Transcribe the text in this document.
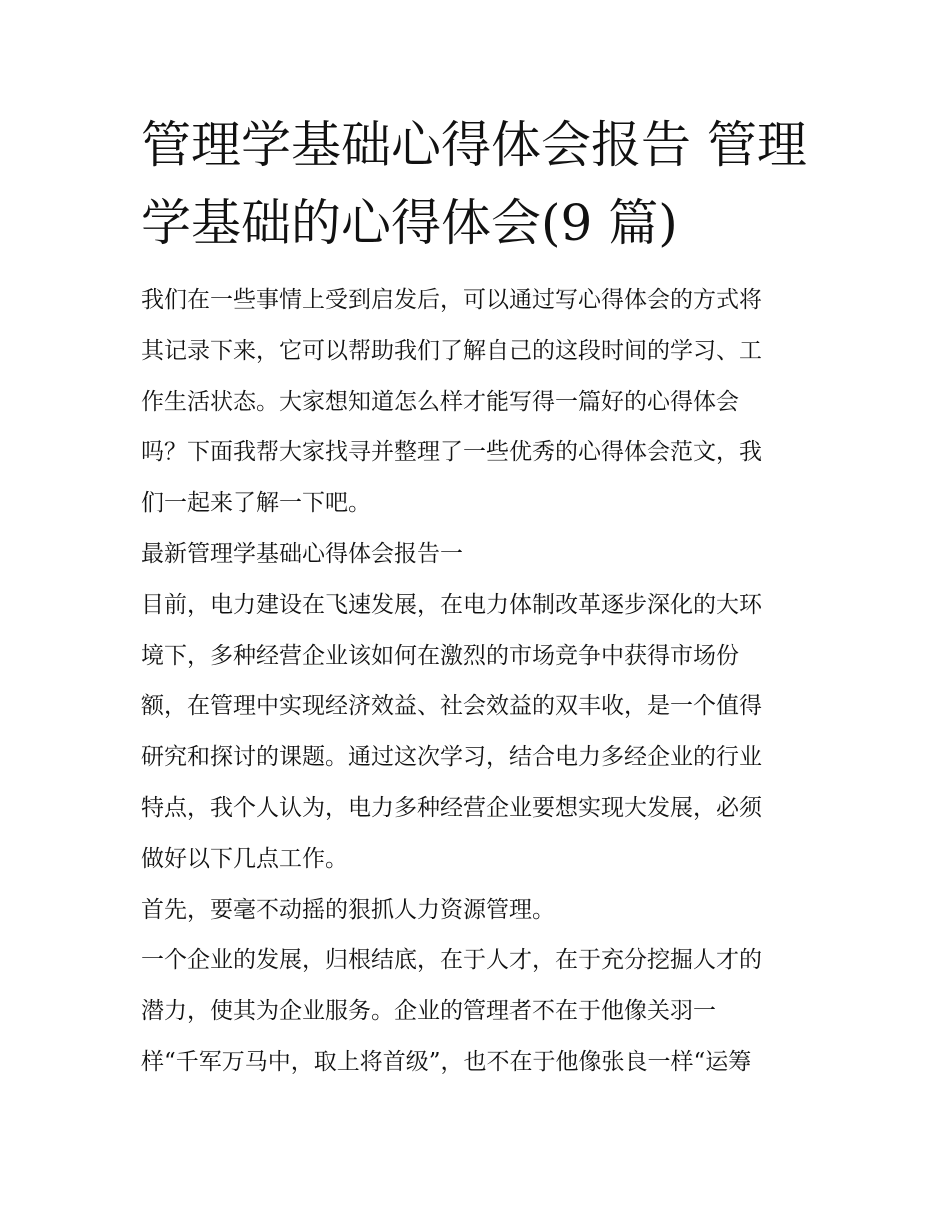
管理学基础心得体会报告 管理
学基础的心得体会(9 篇)
我们在一些事情上受到启发后，可以通过写心得体会的方式将
其记录下来，它可以帮助我们了解自己的这段时间的学习、工
作生活状态。大家想知道怎么样才能写得一篇好的心得体会
吗？下面我帮大家找寻并整理了一些优秀的心得体会范文，我
们一起来了解一下吧。
最新管理学基础心得体会报告一
目前，电力建设在飞速发展，在电力体制改革逐步深化的大环
境下，多种经营企业该如何在激烈的市场竞争中获得市场份
额，在管理中实现经济效益、社会效益的双丰收，是一个值得
研究和探讨的课题。通过这次学习，结合电力多经企业的行业
特点，我个人认为，电力多种经营企业要想实现大发展，必须
做好以下几点工作。
首先，要毫不动摇的狠抓人力资源管理。
一个企业的发展，归根结底，在于人才，在于充分挖掘人才的
潜力，使其为企业服务。企业的管理者不在于他像关羽一
样“千军万马中，取上将首级”，也不在于他像张良一样“运筹
